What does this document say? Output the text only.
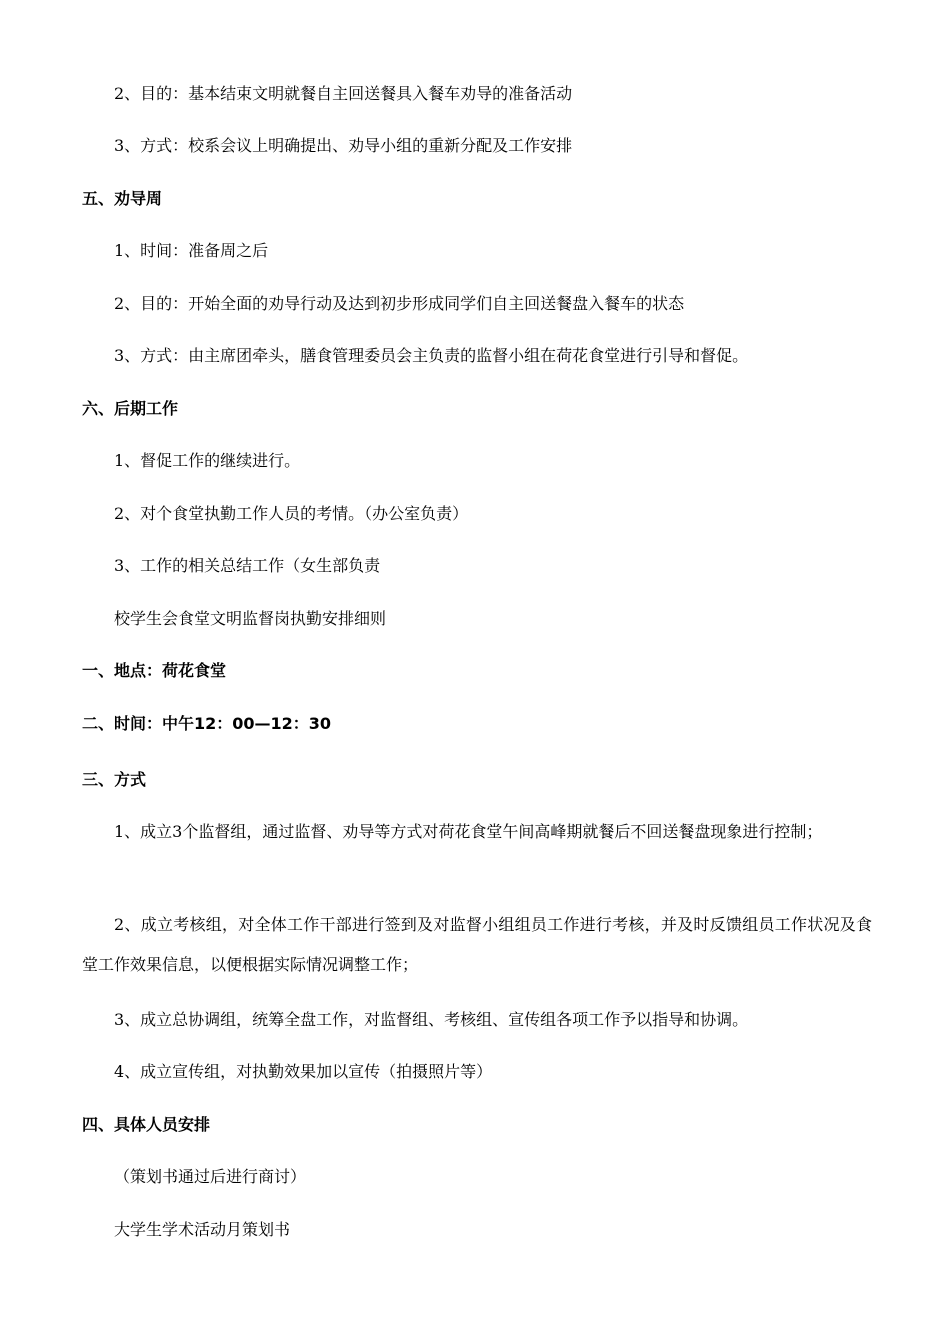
2、目的：基本结束文明就餐自主回送餐具入餐车劝导的准备活动
3、方式：校系会议上明确提出、劝导小组的重新分配及工作安排
五、劝导周
1、时间：准备周之后
2、目的：开始全面的劝导行动及达到初步形成同学们自主回送餐盘入餐车的状态
3、方式：由主席团牵头，膳食管理委员会主负责的监督小组在荷花食堂进行引导和督促。
六、后期工作
1、督促工作的继续进行。
2、对个食堂执勤工作人员的考情。（办公室负责）
3、工作的相关总结工作（女生部负责
校学生会食堂文明监督岗执勤安排细则
一、地点：荷花食堂
二、时间：中午12：00—12：30
三、方式
1、成立3个监督组，通过监督、劝导等方式对荷花食堂午间高峰期就餐后不回送餐盘现象进行控制；
2、成立考核组，对全体工作干部进行签到及对监督小组组员工作进行考核，并及时反馈组员工作状况及食堂工作效果信息，以便根据实际情况调整工作；
3、成立总协调组，统筹全盘工作，对监督组、考核组、宣传组各项工作予以指导和协调。
4、成立宣传组，对执勤效果加以宣传（拍摄照片等）
四、具体人员安排
（策划书通过后进行商讨）
大学生学术活动月策划书
